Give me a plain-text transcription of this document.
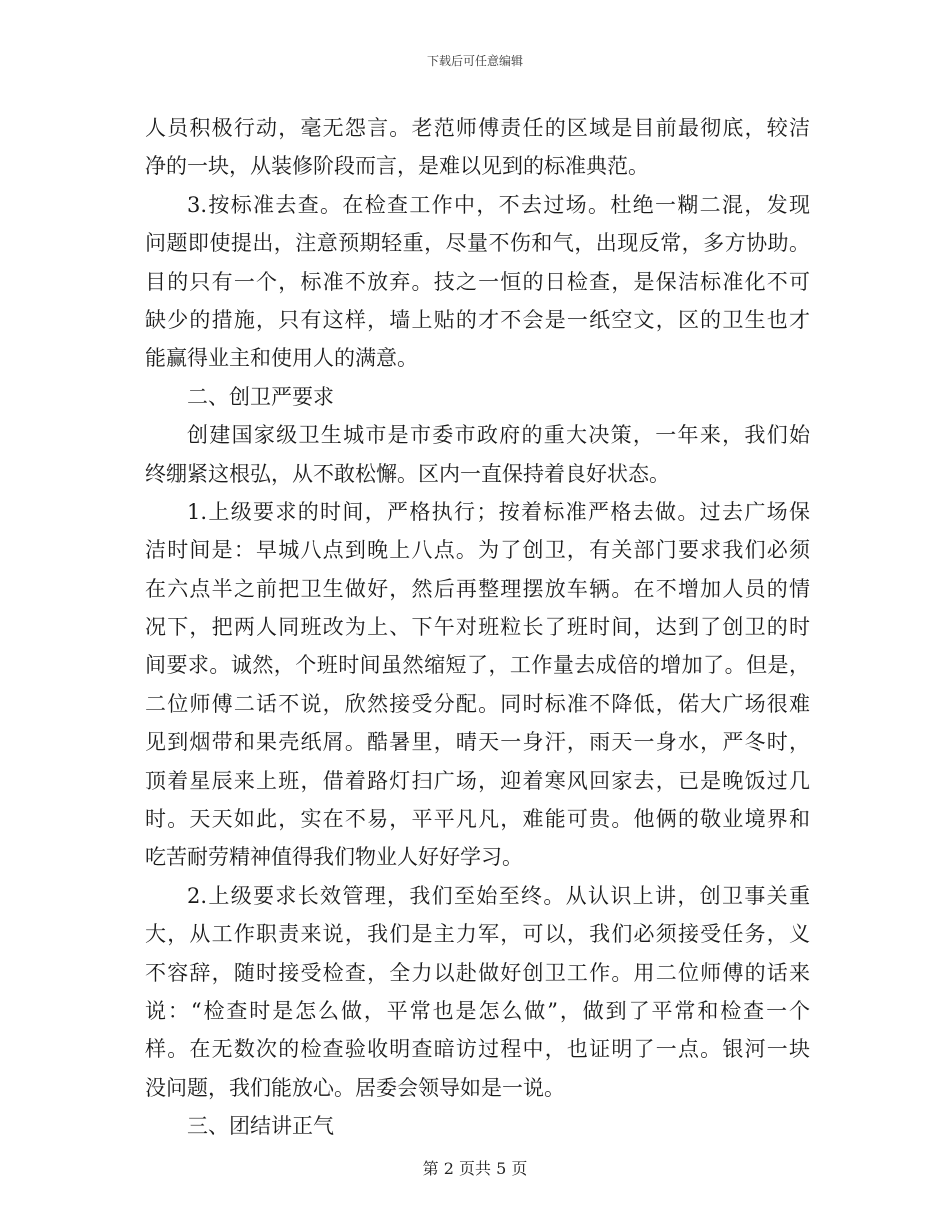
下载后可任意编辑
人员积极行动，毫无怨言。老范师傅责任的区域是目前最彻底，较洁
净的一块，从装修阶段而言，是难以见到的标准典范。
3.按标准去查。在检查工作中，不去过场。杜绝一糊二混，发现
问题即使提出，注意预期轻重，尽量不伤和气，出现反常，多方协助。
目的只有一个，标准不放弃。技之一恒的日检查，是保洁标准化不可
缺少的措施，只有这样，墙上贴的才不会是一纸空文，区的卫生也才
能赢得业主和使用人的满意。
二、创卫严要求
创建国家级卫生城市是市委市政府的重大决策，一年来，我们始
终绷紧这根弘，从不敢松懈。区内一直保持着良好状态。
1.上级要求的时间，严格执行；按着标准严格去做。过去广场保
洁时间是：早城八点到晚上八点。为了创卫，有关部门要求我们必须
在六点半之前把卫生做好，然后再整理摆放车辆。在不增加人员的情
况下，把两人同班改为上、下午对班粒长了班时间，达到了创卫的时
间要求。诚然，个班时间虽然缩短了，工作量去成倍的增加了。但是，
二位师傅二话不说，欣然接受分配。同时标准不降低，偌大广场很难
见到烟带和果壳纸屑。酷暑里，晴天一身汗，雨天一身水，严冬时，
顶着星辰来上班，借着路灯扫广场，迎着寒风回家去，已是晚饭过几
时。天天如此，实在不易，平平凡凡，难能可贵。他俩的敬业境界和
吃苦耐劳精神值得我们物业人好好学习。
2.上级要求长效管理，我们至始至终。从认识上讲，创卫事关重
大，从工作职责来说，我们是主力军，可以，我们必须接受任务，义
不容辞，随时接受检查，全力以赴做好创卫工作。用二位师傅的话来
说：“检查时是怎么做，平常也是怎么做”，做到了平常和检查一个
样。在无数次的检查验收明查暗访过程中，也证明了一点。银河一块
没问题，我们能放心。居委会领导如是一说。
三、团结讲正气
第 2 页共 5 页
